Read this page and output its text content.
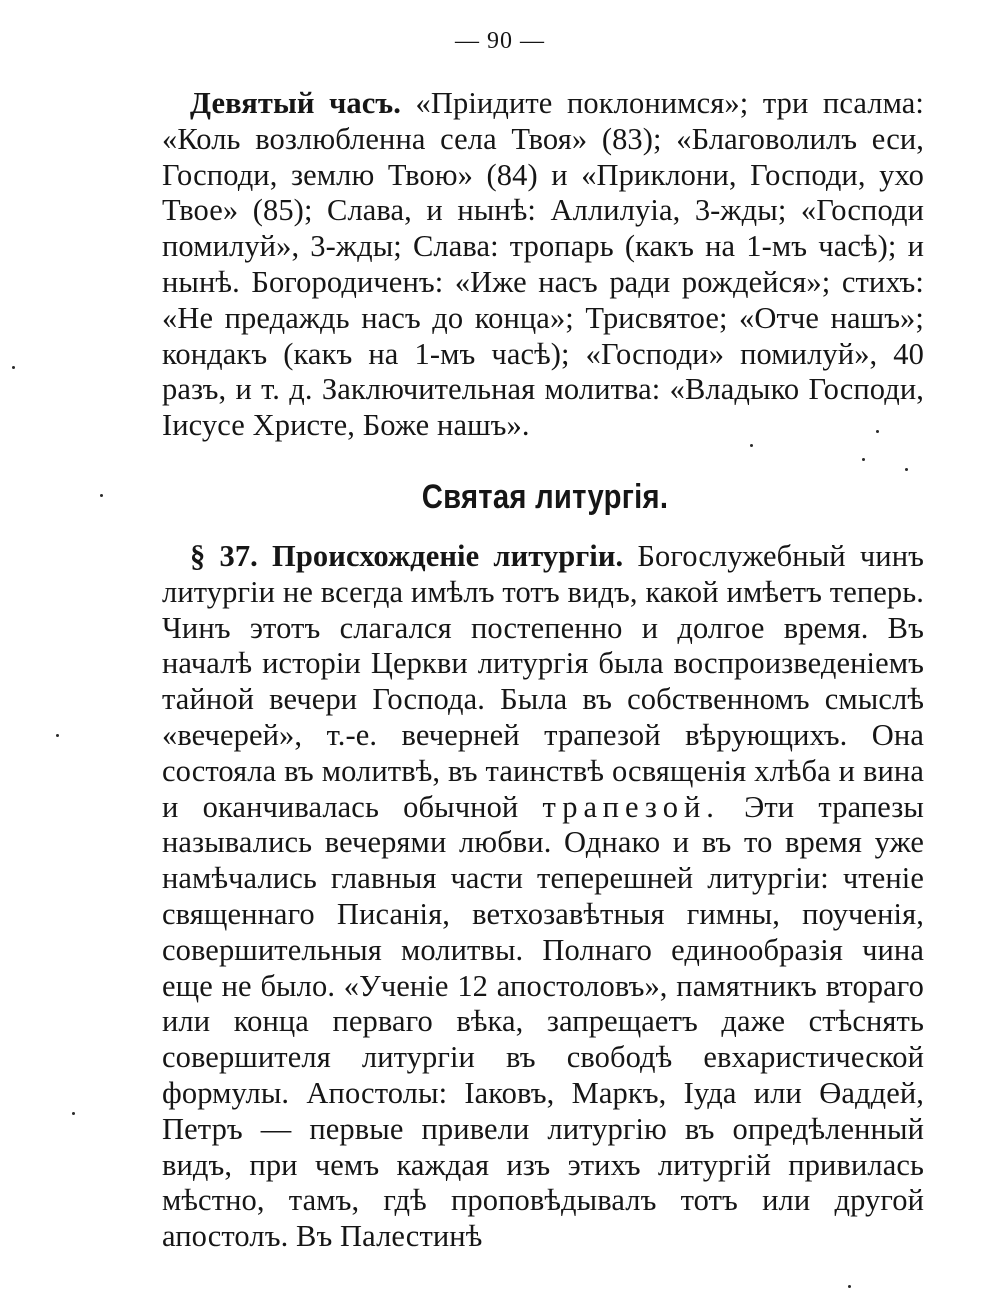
— 90 —

Девятый часъ. «Пріидите поклонимся»; три псалма: «Коль возлюбленна села Твоя» (83); «Благоволилъ еси, Господи, землю Твою» (84) и «Приклони, Господи, ухо Твое» (85); Слава, и нынѣ: Аллилуіа, 3-жды; «Господи помилуй», 3-жды; Слава: тропарь (какъ на 1-мъ часѣ); и нынѣ. Богородиченъ: «Иже насъ ради рождейся»; стихъ: «Не предаждь насъ до конца»; Трисвятое; «Отче нашъ»; кондакъ (какъ на 1-мъ часѣ); «Господи» помилуй», 40 разъ, и т. д. Заключительная молитва: «Владыко Господи, Іисусе Христе, Боже нашъ».

Святая литургія.

§ 37. Происхожденіе литургіи. Богослужебный чинъ литургіи не всегда имѣлъ тотъ видъ, какой имѣетъ теперь. Чинъ этотъ слагался постепенно и долгое время. Въ началѣ исторіи Церкви литургія была воспроизведеніемъ тайной вечери Господа. Была въ собственномъ смыслѣ «вечерей», т.-е. вечерней трапезой вѣрующихъ. Она состояла въ молитвѣ, въ таинствѣ освященія хлѣба и вина и оканчивалась обычной трапезой. Эти трапезы назывались вечерями любви. Однако и въ то время уже намѣчались главныя части теперешней литургіи: чтеніе священнаго Писанія, ветхозавѣтныя гимны, поученія, совершительныя молитвы. Полнаго единообразія чина еще не было. «Ученіе 12 апостоловъ», памятникъ втораго или конца перваго вѣка, запрещаетъ даже стѣснять совершителя литургіи въ свободѣ евхаристической формулы. Апостолы: Іаковъ, Маркъ, Іуда или Өаддей, Петръ — первые привели литургію въ опредѣленный видъ, при чемъ каждая изъ этихъ литургій привилась мѣстно, тамъ, гдѣ проповѣдывалъ тотъ или другой апостолъ. Въ Палестинѣ
